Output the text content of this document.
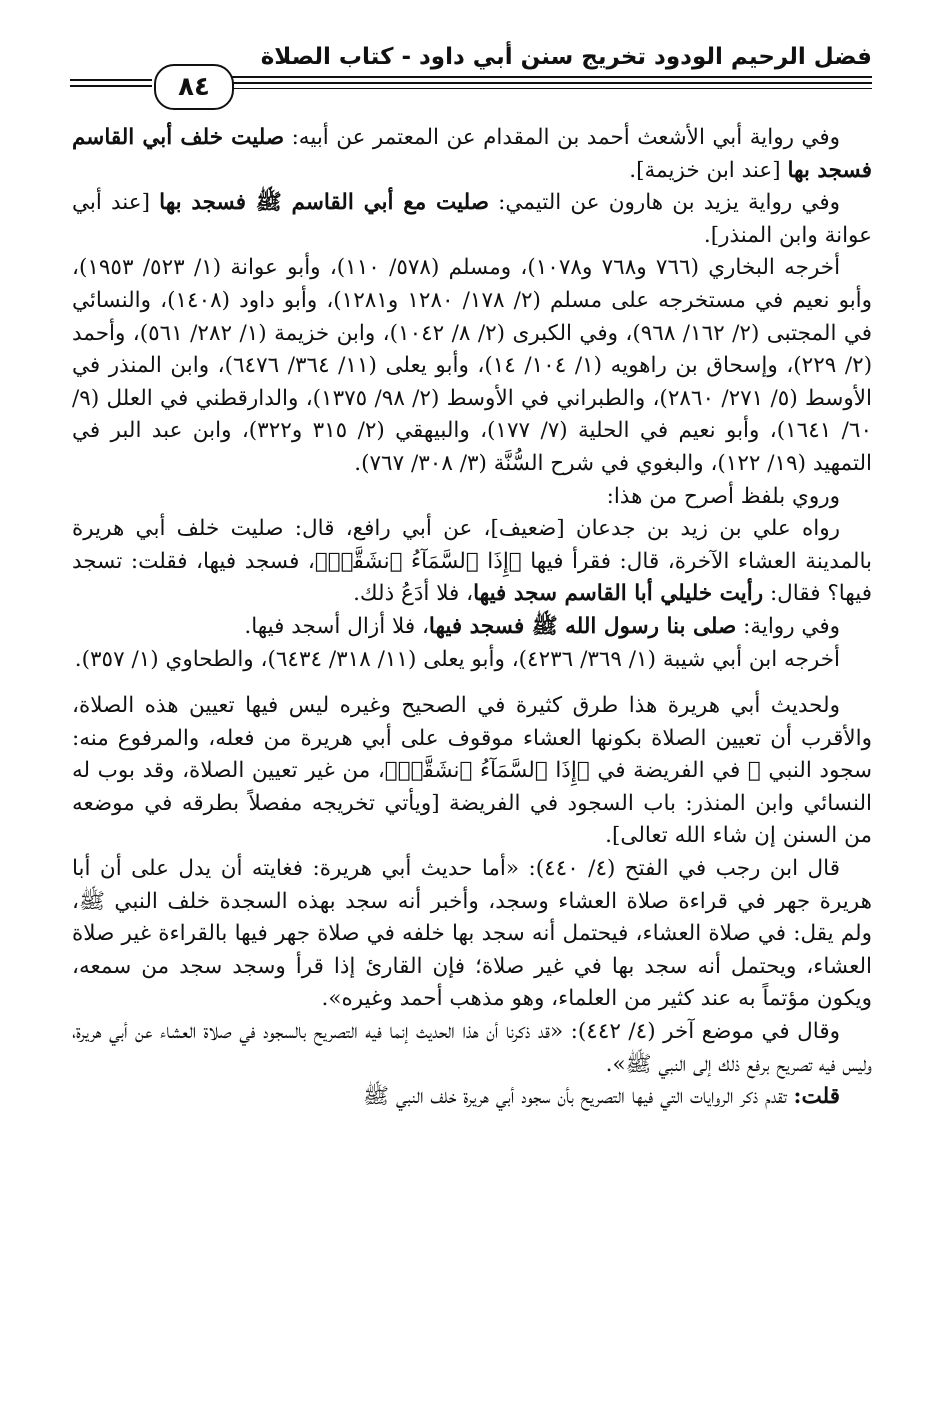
فضل الرحيم الودود تخريج سنن أبي داود - كتاب الصلاة
٨٤

وفي رواية أبي الأشعث أحمد بن المقدام عن المعتمر عن أبيه: صليت خلف أبي القاسم فسجد بها [عند ابن خزيمة].

وفي رواية يزيد بن هارون عن التيمي: صليت مع أبي القاسم ﷺ فسجد بها [عند أبي عوانة وابن المنذر].

أخرجه البخاري (٧٦٦ و٧٦٨ و١٠٧٨)، ومسلم (٥٧٨/ ١١٠)، وأبو عوانة (١/ ٥٢٣/ ١٩٥٣)، وأبو نعيم في مستخرجه على مسلم (٢/ ١٧٨/ ١٢٨٠ و١٢٨١)، وأبو داود (١٤٠٨)، والنسائي في المجتبى (٢/ ١٦٢/ ٩٦٨)، وفي الكبرى (٢/ ٨/ ١٠٤٢)، وابن خزيمة (١/ ٢٨٢/ ٥٦١)، وأحمد (٢/ ٢٢٩)، وإسحاق بن راهويه (١/ ١٠٤/ ١٤)، وأبو يعلى (١١/ ٣٦٤/ ٦٤٧٦)، وابن المنذر في الأوسط (٥/ ٢٧١/ ٢٨٦٠)، والطبراني في الأوسط (٢/ ٩٨/ ١٣٧٥)، والدارقطني في العلل (٩/ ٦٠/ ١٦٤١)، وأبو نعيم في الحلية (٧/ ١٧٧)، والبيهقي (٢/ ٣١٥ و٣٢٢)، وابن عبد البر في التمهيد (١٩/ ١٢٢)، والبغوي في شرح السُّنَّة (٣/ ٣٠٨/ ٧٦٧).

وروي بلفظ أصرح من هذا:

رواه علي بن زيد بن جدعان [ضعيف]، عن أبي رافع، قال: صليت خلف أبي هريرة بالمدينة العشاء الآخرة، قال: فقرأ فيها ﴿إِذَا ٱلسَّمَآءُ ٱنشَقَّتۡ﴾، فسجد فيها، فقلت: تسجد فيها؟ فقال: رأيت خليلي أبا القاسم سجد فيها، فلا أدَعُ ذلك.

وفي رواية: صلى بنا رسول الله ﷺ فسجد فيها، فلا أزال أسجد فيها.

أخرجه ابن أبي شيبة (١/ ٣٦٩/ ٤٢٣٦)، وأبو يعلى (١١/ ٣١٨/ ٦٤٣٤)، والطحاوي (١/ ٣٥٧).

ولحديث أبي هريرة هذا طرق كثيرة في الصحيح وغيره ليس فيها تعيين هذه الصلاة، والأقرب أن تعيين الصلاة بكونها العشاء موقوف على أبي هريرة من فعله، والمرفوع منه: سجود النبي ﷺ في الفريضة في ﴿إِذَا ٱلسَّمَآءُ ٱنشَقَّتۡ﴾، من غير تعيين الصلاة، وقد بوب له النسائي وابن المنذر: باب السجود في الفريضة [ويأتي تخريجه مفصلاً بطرقه في موضعه من السنن إن شاء الله تعالى].

قال ابن رجب في الفتح (٤/ ٤٤٠): «أما حديث أبي هريرة: فغايته أن يدل على أن أبا هريرة جهر في قراءة صلاة العشاء وسجد، وأخبر أنه سجد بهذه السجدة خلف النبي ﷺ، ولم يقل: في صلاة العشاء، فيحتمل أنه سجد بها خلفه في صلاة جهر فيها بالقراءة غير صلاة العشاء، ويحتمل أنه سجد بها في غير صلاة؛ فإن القارئ إذا قرأ وسجد سجد من سمعه، ويكون مؤتماً به عند كثير من العلماء، وهو مذهب أحمد وغيره».

وقال في موضع آخر (٤/ ٤٤٢): «قد ذكرنا أن هذا الحديث إنما فيه التصريح بالسجود في صلاة العشاء عن أبي هريرة، وليس فيه تصريح برفع ذلك إلى النبي ﷺ».

قلت: تقدم ذكر الروايات التي فيها التصريح بأن سجود أبي هريرة خلف النبي ﷺ
